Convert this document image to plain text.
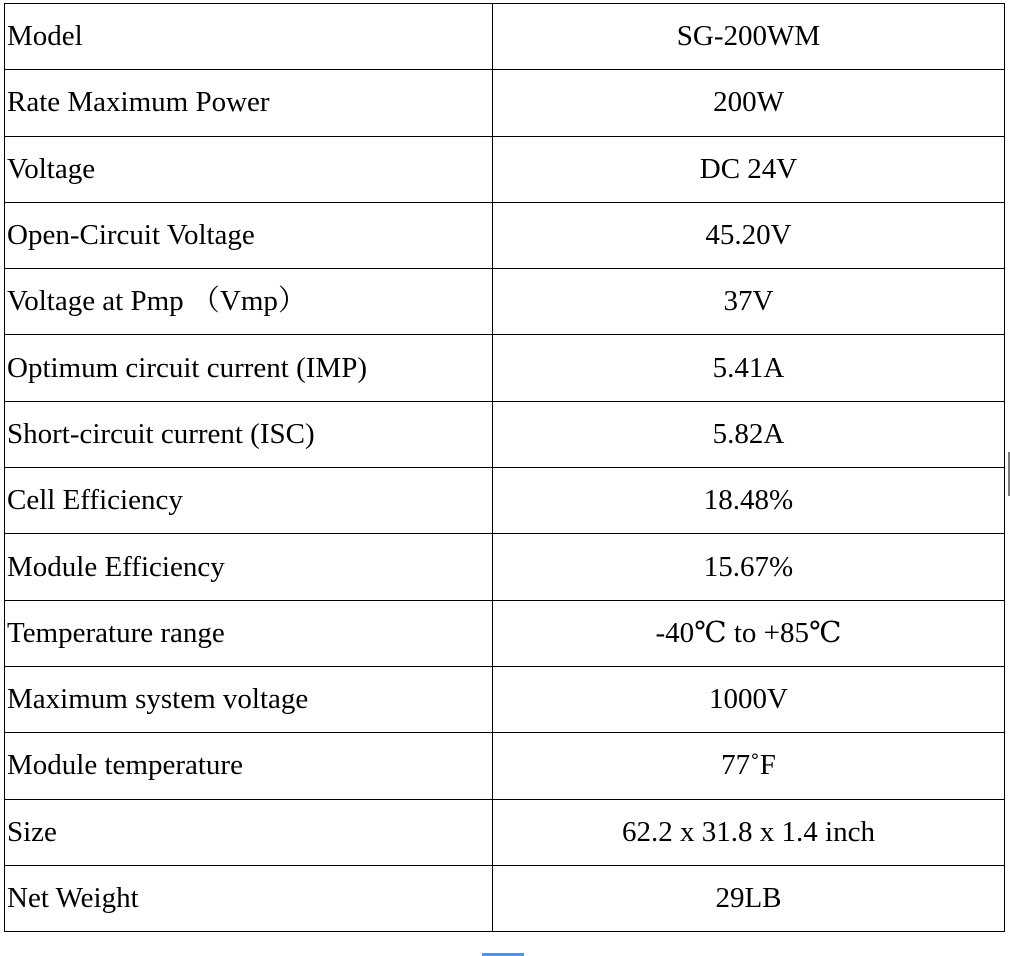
Model	SG-200WM
Rate Maximum Power	200W
Voltage	DC 24V
Open-Circuit Voltage	45.20V
Voltage at Pmp （Vmp）	37V
Optimum circuit current (IMP)	5.41A
Short-circuit current (ISC)	5.82A
Cell Efficiency	18.48%
Module Efficiency	15.67%
Temperature range	-40℃ to +85℃
Maximum system voltage	1000V
Module temperature	77˚F
Size	62.2 x 31.8 x 1.4 inch
Net Weight	29LB
